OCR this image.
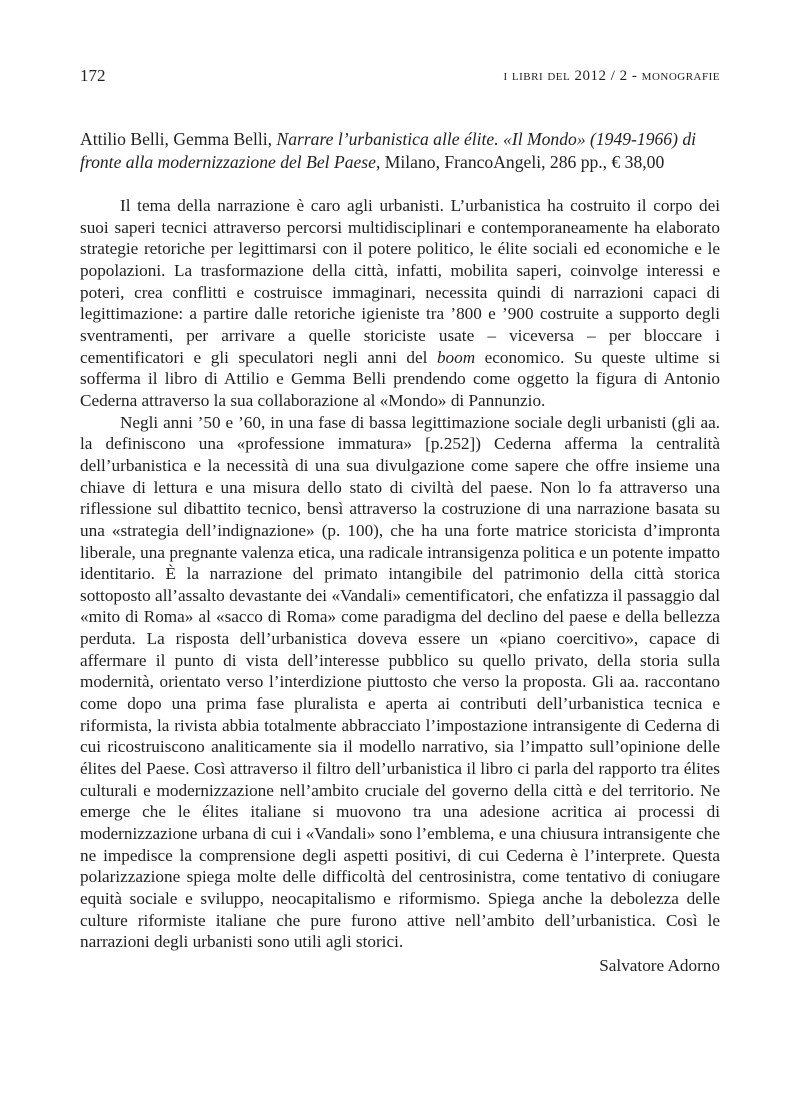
172	i libri del 2012 / 2 - monografie

Attilio Belli, Gemma Belli, Narrare l’urbanistica alle élite. «Il Mondo» (1949-1966) di fronte alla modernizzazione del Bel Paese, Milano, FrancoAngeli, 286 pp., € 38,00

Il tema della narrazione è caro agli urbanisti. L’urbanistica ha costruito il corpo dei suoi saperi tecnici attraverso percorsi multidisciplinari e contemporaneamente ha elaborato strategie retoriche per legittimarsi con il potere politico, le élite sociali ed economiche e le popolazioni. La trasformazione della città, infatti, mobilita saperi, coinvolge interessi e poteri, crea conflitti e costruisce immaginari, necessita quindi di narrazioni capaci di legittimazione: a partire dalle retoriche igieniste tra ’800 e ’900 costruite a supporto degli sventramenti, per arrivare a quelle storiciste usate – viceversa – per bloccare i cementificatori e gli speculatori negli anni del boom economico. Su queste ultime si sofferma il libro di Attilio e Gemma Belli prendendo come oggetto la figura di Antonio Cederna attraverso la sua collaborazione al «Mondo» di Pannunzio.

Negli anni ’50 e ’60, in una fase di bassa legittimazione sociale degli urbanisti (gli aa. la definiscono una «professione immatura» [p.252]) Cederna afferma la centralità dell’urbanistica e la necessità di una sua divulgazione come sapere che offre insieme una chiave di lettura e una misura dello stato di civiltà del paese. Non lo fa attraverso una riflessione sul dibattito tecnico, bensì attraverso la costruzione di una narrazione basata su una «strategia dell’indignazione» (p. 100), che ha una forte matrice storicista d’impronta liberale, una pregnante valenza etica, una radicale intransigenza politica e un potente impatto identitario. È la narrazione del primato intangibile del patrimonio della città storica sottoposto all’assalto devastante dei «Vandali» cementificatori, che enfatizza il passaggio dal «mito di Roma» al «sacco di Roma» come paradigma del declino del paese e della bellezza perduta. La risposta dell’urbanistica doveva essere un «piano coercitivo», capace di affermare il punto di vista dell’interesse pubblico su quello privato, della storia sulla modernità, orientato verso l’interdizione piuttosto che verso la proposta. Gli aa. raccontano come dopo una prima fase pluralista e aperta ai contributi dell’urbanistica tecnica e riformista, la rivista abbia totalmente abbracciato l’impostazione intransigente di Cederna di cui ricostruiscono analiticamente sia il modello narrativo, sia l’impatto sull’opinione delle élites del Paese. Così attraverso il filtro dell’urbanistica il libro ci parla del rapporto tra élites culturali e modernizzazione nell’ambito cruciale del governo della città e del territorio. Ne emerge che le élites italiane si muovono tra una adesione acritica ai processi di modernizzazione urbana di cui i «Vandali» sono l’emblema, e una chiusura intransigente che ne impedisce la comprensione degli aspetti positivi, di cui Cederna è l’interprete. Questa polarizzazione spiega molte delle difficoltà del centrosinistra, come tentativo di coniugare equità sociale e sviluppo, neocapitalismo e riformismo. Spiega anche la debolezza delle culture riformiste italiane che pure furono attive nell’ambito dell’urbanistica. Così le narrazioni degli urbanisti sono utili agli storici.

Salvatore Adorno
